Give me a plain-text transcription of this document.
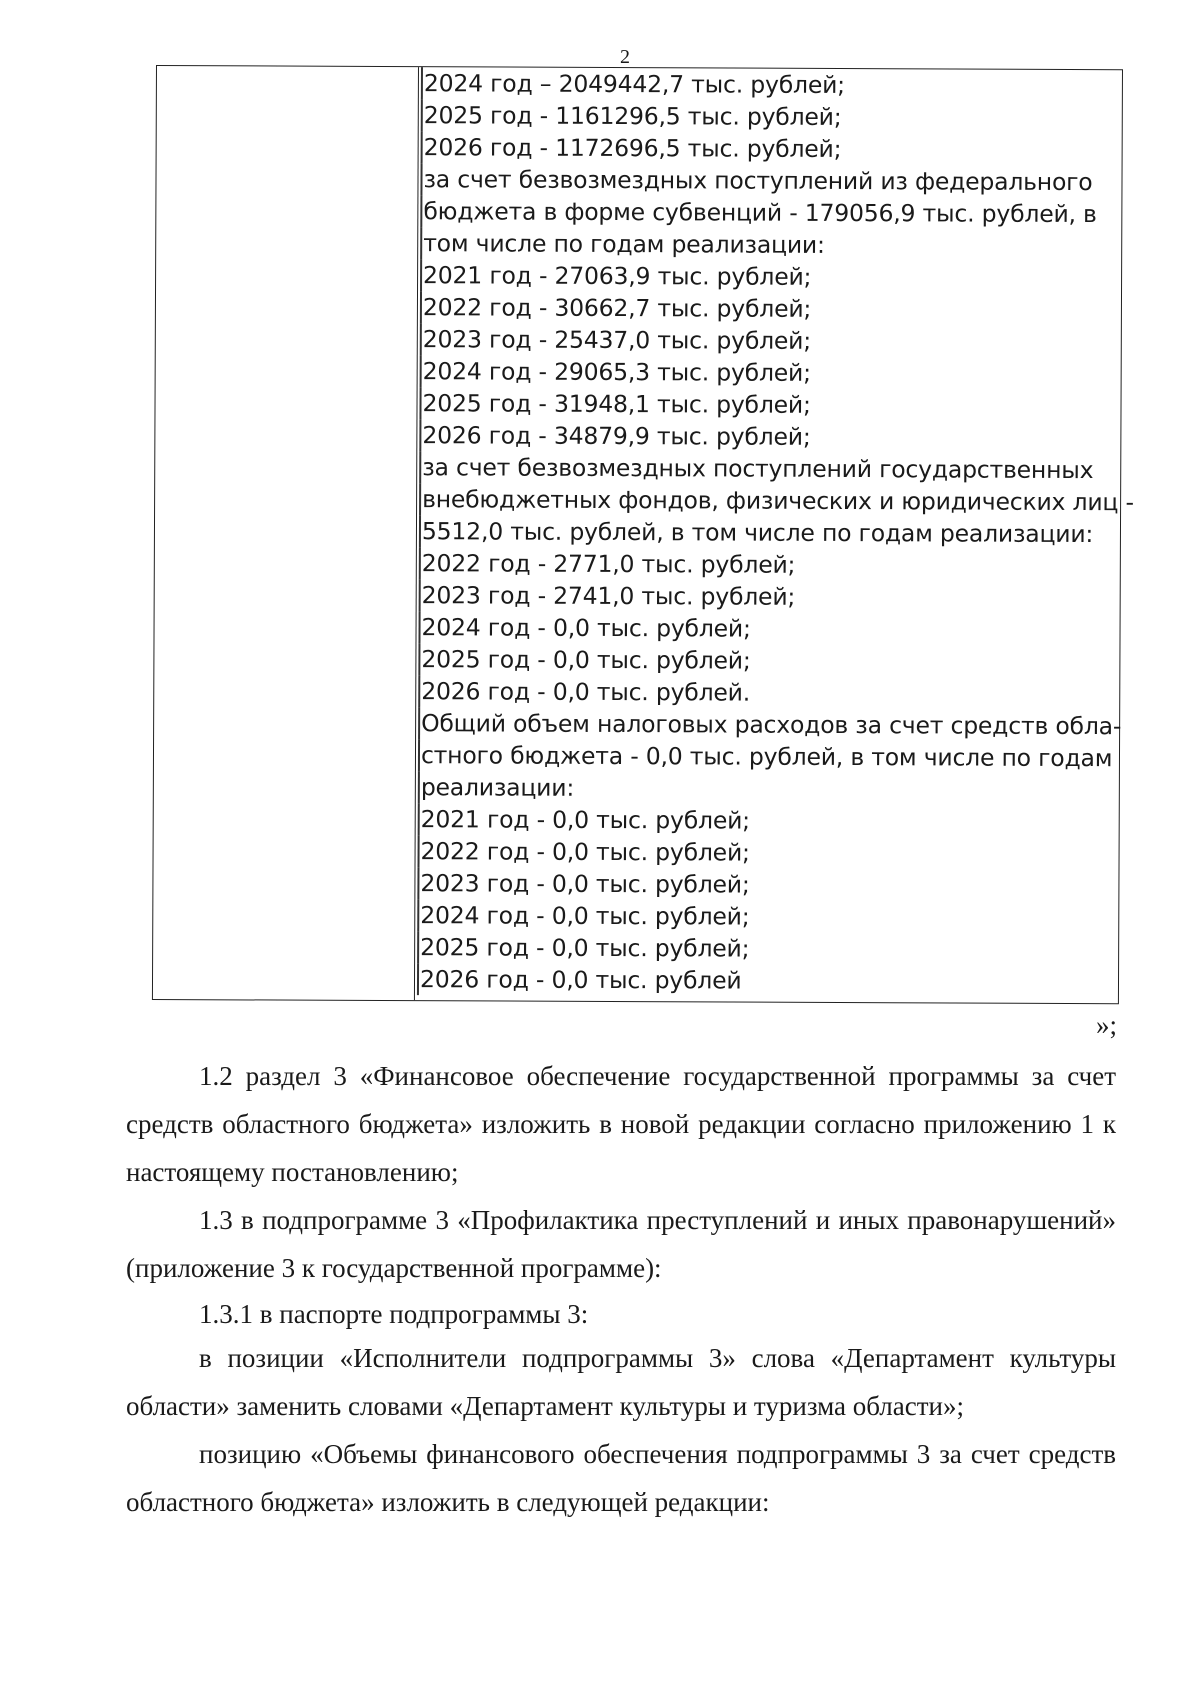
2
2024 год – 2049442,7 тыс. рублей;
2025 год - 1161296,5 тыс. рублей;
2026 год - 1172696,5 тыс. рублей;
за счет безвозмездных поступлений из федерального
бюджета в форме субвенций - 179056,9 тыс. рублей, в
том числе по годам реализации:
2021 год - 27063,9 тыс. рублей;
2022 год - 30662,7 тыс. рублей;
2023 год - 25437,0 тыс. рублей;
2024 год - 29065,3 тыс. рублей;
2025 год - 31948,1 тыс. рублей;
2026 год - 34879,9 тыс. рублей;
за счет безвозмездных поступлений государственных
внебюджетных фондов, физических и юридических лиц -
5512,0 тыс. рублей, в том числе по годам реализации:
2022 год - 2771,0 тыс. рублей;
2023 год - 2741,0 тыс. рублей;
2024 год - 0,0 тыс. рублей;
2025 год - 0,0 тыс. рублей;
2026 год - 0,0 тыс. рублей.
Общий объем налоговых расходов за счет средств обла-
стного бюджета - 0,0 тыс. рублей, в том числе по годам
реализации:
2021 год - 0,0 тыс. рублей;
2022 год - 0,0 тыс. рублей;
2023 год - 0,0 тыс. рублей;
2024 год - 0,0 тыс. рублей;
2025 год - 0,0 тыс. рублей;
2026 год - 0,0 тыс. рублей
»;
1.2 раздел 3 «Финансовое обеспечение государственной программы за счет средств областного бюджета» изложить в новой редакции согласно приложению 1 к настоящему постановлению;
1.3 в подпрограмме 3 «Профилактика преступлений и иных правонарушений» (приложение 3 к государственной программе):
1.3.1 в паспорте подпрограммы 3:
в позиции «Исполнители подпрограммы 3» слова «Департамент культуры области» заменить словами «Департамент культуры и туризма области»;
позицию «Объемы финансового обеспечения подпрограммы 3 за счет средств областного бюджета» изложить в следующей редакции:
